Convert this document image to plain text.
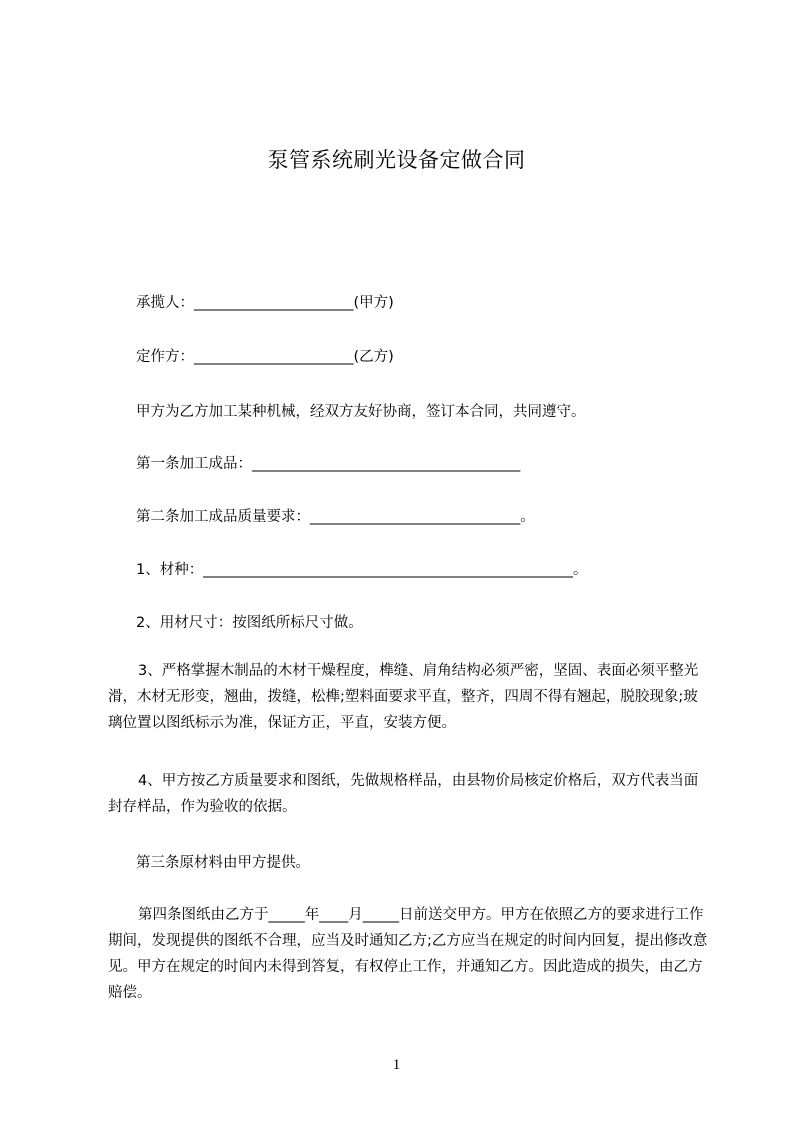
泵管系统刷光设备定做合同
承揽人：______________________(甲方)
定作方：______________________(乙方)
甲方为乙方加工某种机械，经双方友好协商，签订本合同，共同遵守。
第一条加工成品：_____________________________________
第二条加工成品质量要求：_____________________________。
1、材种：___________________________________________________。
2、用材尺寸：按图纸所标尺寸做。
3、严格掌握木制品的木材干燥程度，榫缝、肩角结构必须严密，坚固、表面必须平整光滑，木材无形变，翘曲，拨缝，松榫;塑料面要求平直，整齐，四周不得有翘起，脱胶现象;玻璃位置以图纸标示为准，保证方正，平直，安装方便。
4、甲方按乙方质量要求和图纸，先做规格样品，由县物价局核定价格后，双方代表当面封存样品，作为验收的依据。
第三条原材料由甲方提供。
第四条图纸由乙方于_____年____月_____日前送交甲方。甲方在依照乙方的要求进行工作期间，发现提供的图纸不合理，应当及时通知乙方;乙方应当在规定的时间内回复，提出修改意见。甲方在规定的时间内未得到答复，有权停止工作，并通知乙方。因此造成的损失，由乙方赔偿。
1
